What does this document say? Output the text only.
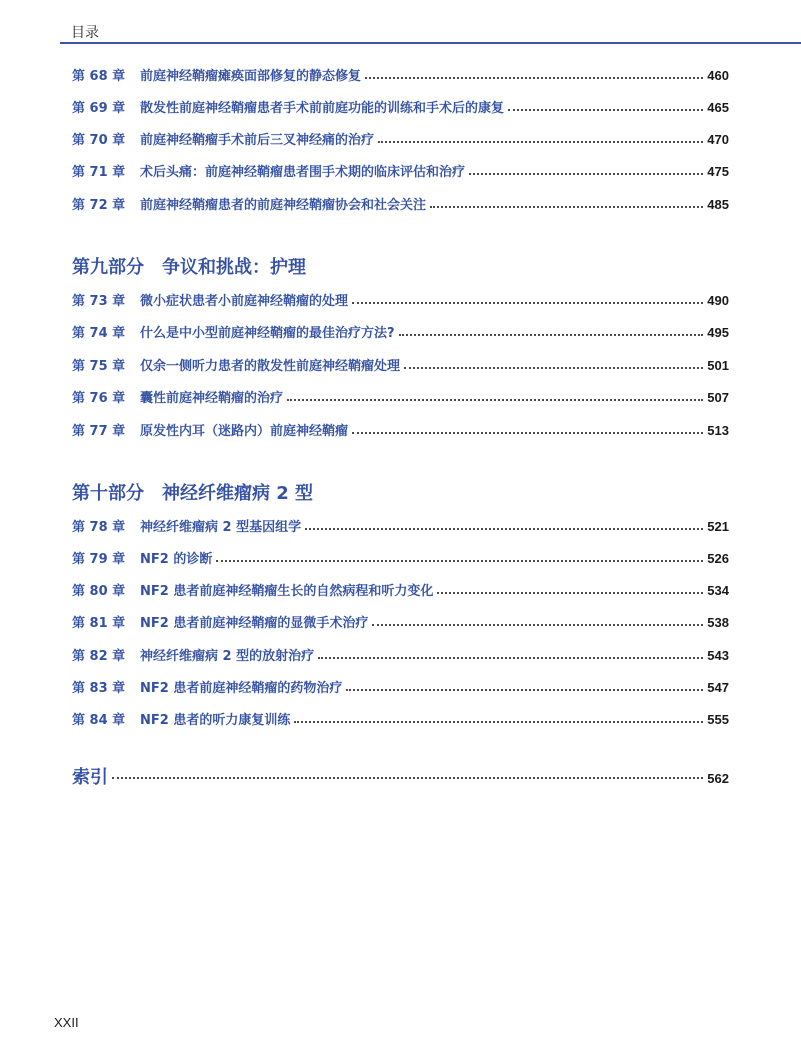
目录
第 68 章	前庭神经鞘瘤瘫痪面部修复的静态修复	460
第 69 章	散发性前庭神经鞘瘤患者手术前前庭功能的训练和手术后的康复	465
第 70 章	前庭神经鞘瘤手术前后三叉神经痛的治疗	470
第 71 章	术后头痛：前庭神经鞘瘤患者围手术期的临床评估和治疗	475
第 72 章	前庭神经鞘瘤患者的前庭神经鞘瘤协会和社会关注	485
第九部分　争议和挑战：护理
第 73 章	微小症状患者小前庭神经鞘瘤的处理	490
第 74 章	什么是中小型前庭神经鞘瘤的最佳治疗方法?	495
第 75 章	仅余一侧听力患者的散发性前庭神经鞘瘤处理	501
第 76 章	囊性前庭神经鞘瘤的治疗	507
第 77 章	原发性内耳（迷路内）前庭神经鞘瘤	513
第十部分　神经纤维瘤病 2 型
第 78 章	神经纤维瘤病 2 型基因组学	521
第 79 章	NF2 的诊断	526
第 80 章	NF2 患者前庭神经鞘瘤生长的自然病程和听力变化	534
第 81 章	NF2 患者前庭神经鞘瘤的显微手术治疗	538
第 82 章	神经纤维瘤病 2 型的放射治疗	543
第 83 章	NF2 患者前庭神经鞘瘤的药物治疗	547
第 84 章	NF2 患者的听力康复训练	555
索引	562
XXII
